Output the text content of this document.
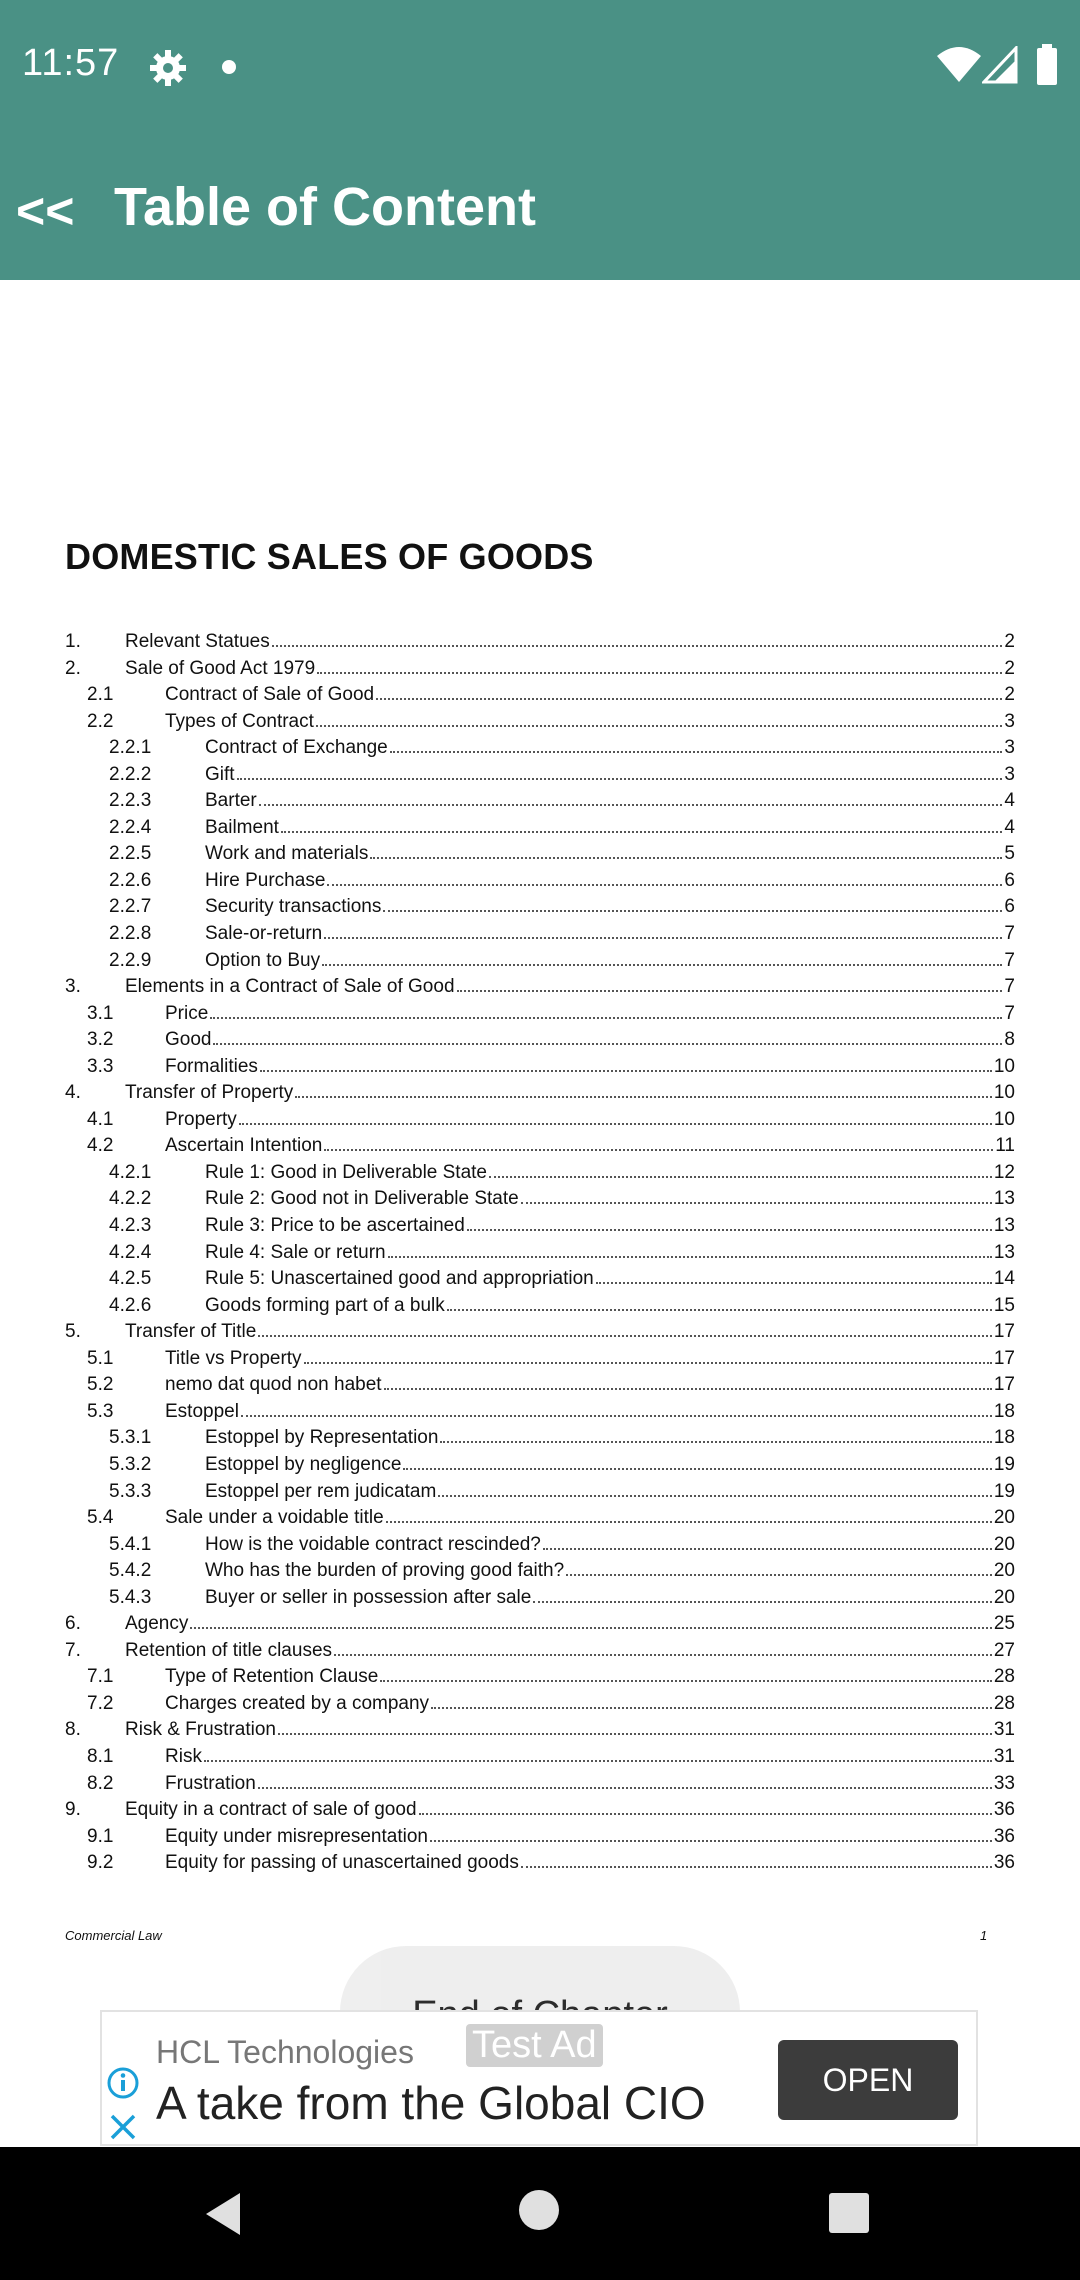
11:57
<< Table of Content
DOMESTIC SALES OF GOODS
1. Relevant Statues	2
2. Sale of Good Act 1979	2
2.1	Contract of Sale of Good	2
2.2	Types of Contract	3
2.2.1	Contract of Exchange	3
2.2.2	Gift	3
2.2.3	Barter	4
2.2.4	Bailment	4
2.2.5	Work and materials	5
2.2.6	Hire Purchase	6
2.2.7	Security transactions	6
2.2.8	Sale-or-return	7
2.2.9	Option to Buy	7
3. Elements in a Contract of Sale of Good	7
3.1	Price	7
3.2	Good	8
3.3	Formalities	10
4. Transfer of Property	10
4.1	Property	10
4.2	Ascertain Intention	11
4.2.1	Rule 1: Good in Deliverable State	12
4.2.2	Rule 2: Good not in Deliverable State	13
4.2.3	Rule 3: Price to be ascertained	13
4.2.4	Rule 4: Sale or return	13
4.2.5	Rule 5: Unascertained good and appropriation	14
4.2.6	Goods forming part of a bulk	15
5. Transfer of Title	17
5.1	Title vs Property	17
5.2	nemo dat quod non habet	17
5.3	Estoppel	18
5.3.1	Estoppel by Representation	18
5.3.2	Estoppel by negligence	19
5.3.3	Estoppel per rem judicatam	19
5.4	Sale under a voidable title	20
5.4.1	How is the voidable contract rescinded?	20
5.4.2	Who has the burden of proving good faith?	20
5.4.3	Buyer or seller in possession after sale	20
6. Agency	25
7. Retention of title clauses	27
7.1	Type of Retention Clause	28
7.2	Charges created by a company	28
8. Risk & Frustration	31
8.1	Risk	31
8.2	Frustration	33
9. Equity in a contract of sale of good	36
9.1	Equity under misrepresentation	36
9.2	Equity for passing of unascertained goods	36
Commercial Law	1
HCL Technologies Test Ad
A take from the Global CIO	OPEN
